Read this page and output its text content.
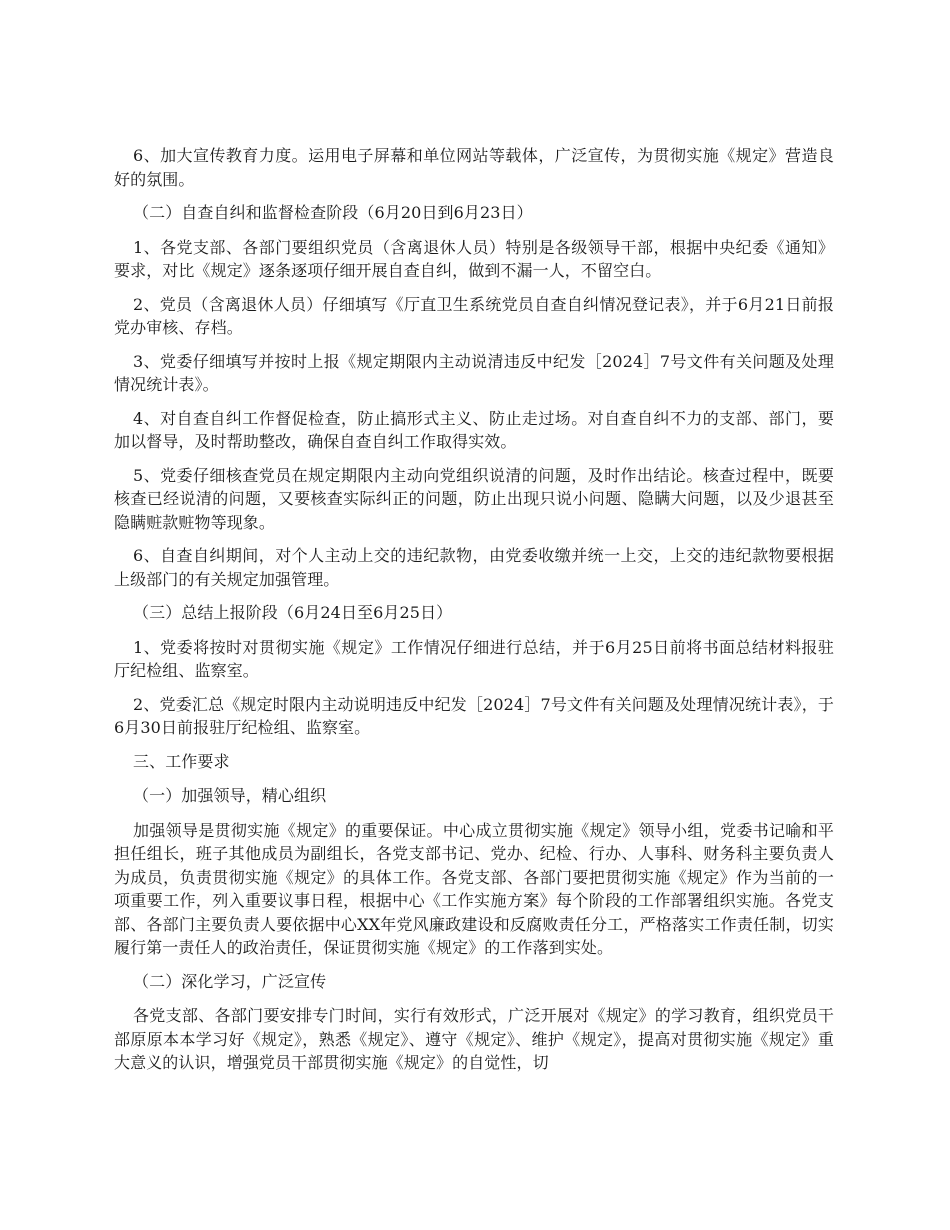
6、加大宣传教育力度。运用电子屏幕和单位网站等载体，广泛宣传，为贯彻实施《规定》营造良好的氛围。

（二）自查自纠和监督检查阶段（6月20日到6月23日）

1、各党支部、各部门要组织党员（含离退休人员）特别是各级领导干部，根据中央纪委《通知》要求，对比《规定》逐条逐项仔细开展自查自纠，做到不漏一人，不留空白。

2、党员（含离退休人员）仔细填写《厅直卫生系统党员自查自纠情况登记表》，并于6月21日前报党办审核、存档。

3、党委仔细填写并按时上报《规定期限内主动说清违反中纪发［2024］7号文件有关问题及处理情况统计表》。

4、对自查自纠工作督促检查，防止搞形式主义、防止走过场。对自查自纠不力的支部、部门，要加以督导，及时帮助整改，确保自查自纠工作取得实效。

5、党委仔细核查党员在规定期限内主动向党组织说清的问题，及时作出结论。核查过程中，既要核查已经说清的问题，又要核查实际纠正的问题，防止出现只说小问题、隐瞒大问题，以及少退甚至隐瞒赃款赃物等现象。

6、自查自纠期间，对个人主动上交的违纪款物，由党委收缴并统一上交，上交的违纪款物要根据上级部门的有关规定加强管理。

（三）总结上报阶段（6月24日至6月25日）

1、党委将按时对贯彻实施《规定》工作情况仔细进行总结，并于6月25日前将书面总结材料报驻厅纪检组、监察室。

2、党委汇总《规定时限内主动说明违反中纪发［2024］7号文件有关问题及处理情况统计表》，于6月30日前报驻厅纪检组、监察室。

三、工作要求

（一）加强领导，精心组织

加强领导是贯彻实施《规定》的重要保证。中心成立贯彻实施《规定》领导小组，党委书记喻和平担任组长，班子其他成员为副组长，各党支部书记、党办、纪检、行办、人事科、财务科主要负责人为成员，负责贯彻实施《规定》的具体工作。各党支部、各部门要把贯彻实施《规定》作为当前的一项重要工作，列入重要议事日程，根据中心《工作实施方案》每个阶段的工作部署组织实施。各党支部、各部门主要负责人要依据中心XX年党风廉政建设和反腐败责任分工，严格落实工作责任制，切实履行第一责任人的政治责任，保证贯彻实施《规定》的工作落到实处。

（二）深化学习，广泛宣传

各党支部、各部门要安排专门时间，实行有效形式，广泛开展对《规定》的学习教育，组织党员干部原原本本学习好《规定》，熟悉《规定》、遵守《规定》、维护《规定》，提高对贯彻实施《规定》重大意义的认识，增强党员干部贯彻实施《规定》的自觉性，切
